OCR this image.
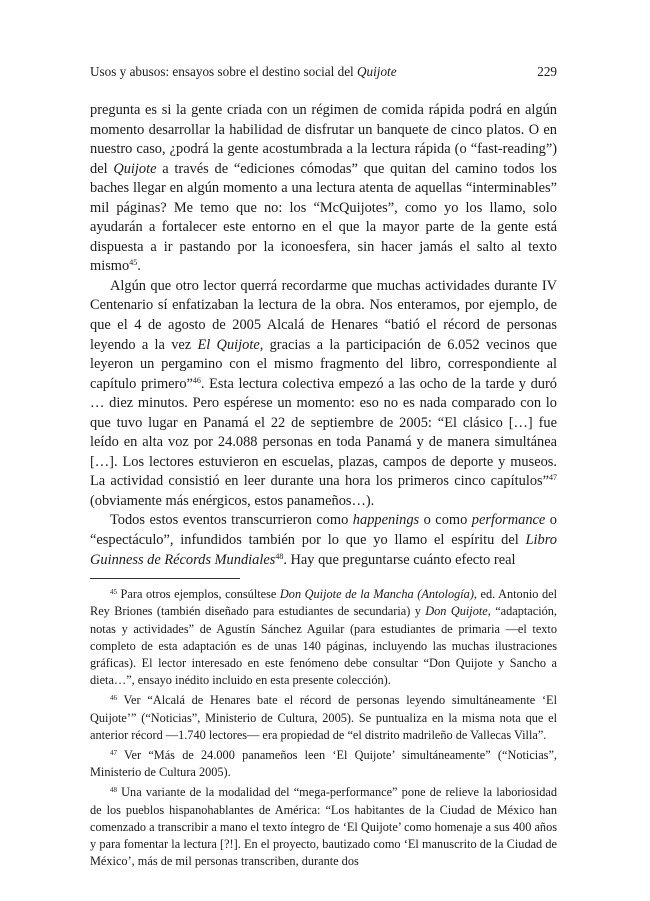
Usos y abusos: ensayos sobre el destino social del Quijote	229

pregunta es si la gente criada con un régimen de comida rápida podrá en algún momento desarrollar la habilidad de disfrutar un banquete de cinco platos. O en nuestro caso, ¿podrá la gente acostumbrada a la lectura rápida (o “fast-reading”) del Quijote a través de “ediciones cómodas” que quitan del camino todos los baches llegar en algún momento a una lectura atenta de aquellas “interminables” mil páginas? Me temo que no: los “McQuijotes”, como yo los llamo, solo ayudarán a fortalecer este entorno en el que la mayor parte de la gente está dispuesta a ir pastando por la iconoesfera, sin hacer jamás el salto al texto mismo$^{45}$.

Algún que otro lector querrá recordarme que muchas actividades durante IV Centenario sí enfatizaban la lectura de la obra. Nos enteramos, por ejemplo, de que el 4 de agosto de 2005 Alcalá de Henares “batió el récord de personas leyendo a la vez El Quijote, gracias a la participación de 6.052 vecinos que leyeron un pergamino con el mismo fragmento del libro, correspondiente al capítulo primero”$^{46}$. Esta lectura colectiva empezó a las ocho de la tarde y duró … diez minutos. Pero espérese un momento: eso no es nada comparado con lo que tuvo lugar en Panamá el 22 de septiembre de 2005: “El clásico […] fue leído en alta voz por 24.088 personas en toda Panamá y de manera simultánea […]. Los lectores estuvieron en escuelas, plazas, campos de deporte y museos. La actividad consistió en leer durante una hora los primeros cinco capítulos”$^{47}$ (obviamente más enérgicos, estos panameños…).

Todos estos eventos transcurrieron como happenings o como performance o “espectáculo”, infundidos también por lo que yo llamo el espíritu del Libro Guinness de Récords Mundiales$^{48}$. Hay que preguntarse cuánto efecto real

$^{45}$ Para otros ejemplos, consúltese Don Quijote de la Mancha (Antología), ed. Antonio del Rey Briones (también diseñado para estudiantes de secundaria) y Don Quijote, “adaptación, notas y actividades” de Agustín Sánchez Aguilar (para estudiantes de primaria —el texto completo de esta adaptación es de unas 140 páginas, incluyendo las muchas ilustraciones gráficas). El lector interesado en este fenómeno debe consultar “Don Quijote y Sancho a dieta…”, ensayo inédito incluido en esta presente colección).

$^{46}$ Ver “Alcalá de Henares bate el récord de personas leyendo simultáneamente ‘El Quijote’” (“Noticias”, Ministerio de Cultura, 2005). Se puntualiza en la misma nota que el anterior récord —1.740 lectores— era propiedad de “el distrito madrileño de Vallecas Villa”.

$^{47}$ Ver “Más de 24.000 panameños leen ‘El Quijote’ simultáneamente” (“Noticias”, Ministerio de Cultura 2005).

$^{48}$ Una variante de la modalidad del “mega-performance” pone de relieve la laboriosidad de los pueblos hispanohablantes de América: “Los habitantes de la Ciudad de México han comenzado a transcribir a mano el texto íntegro de ‘El Quijote’ como homenaje a sus 400 años y para fomentar la lectura [?!]. En el proyecto, bautizado como ‘El manuscrito de la Ciudad de México’, más de mil personas transcriben, durante dos
